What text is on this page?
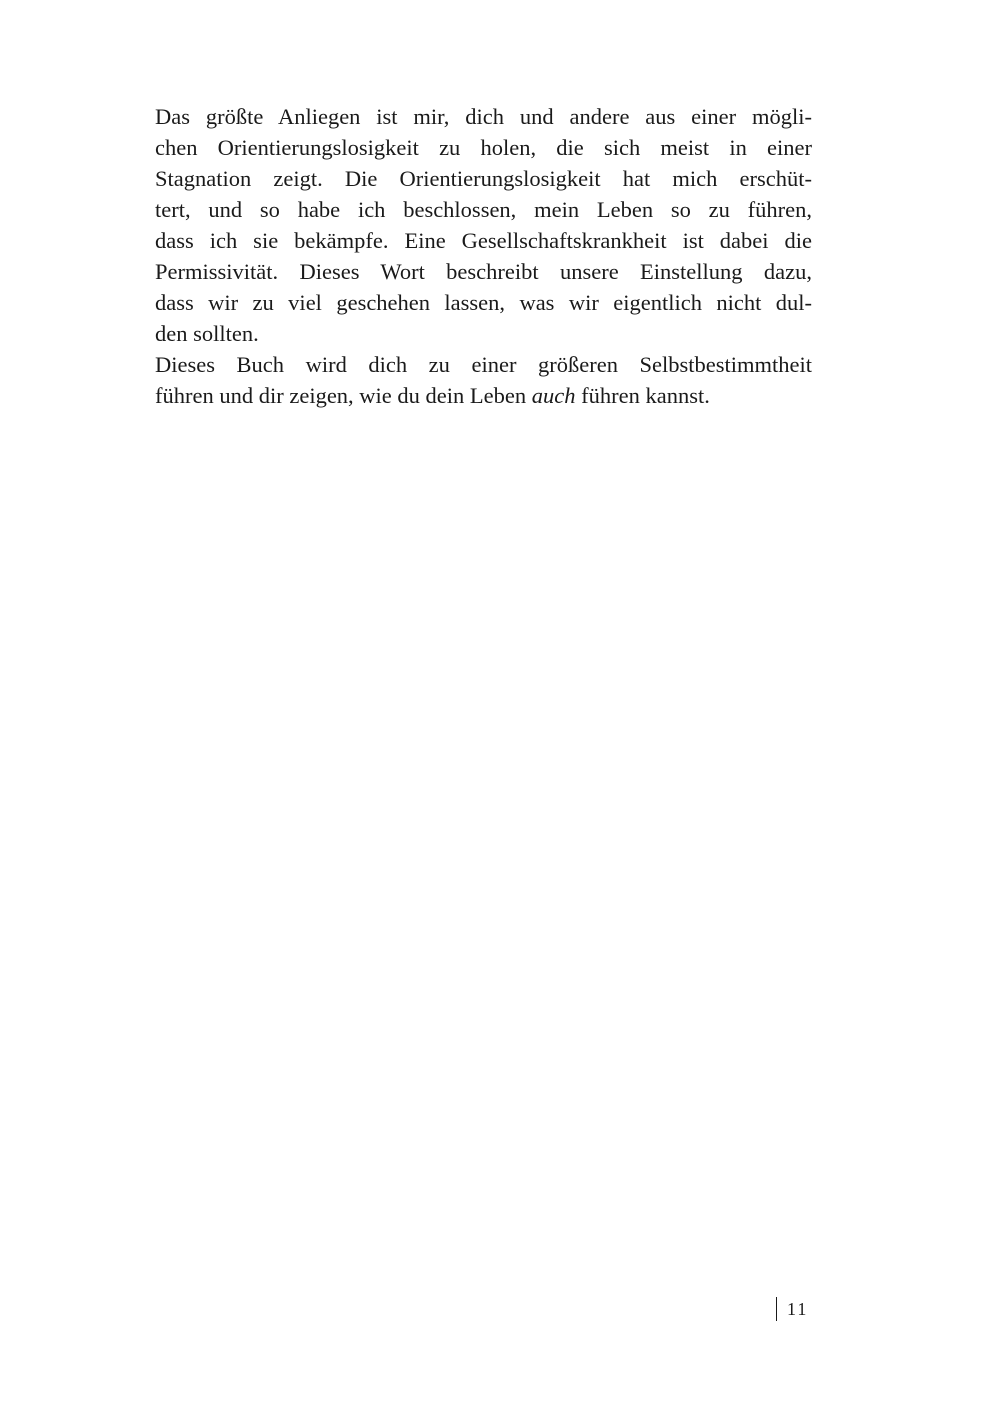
Das größte Anliegen ist mir, dich und andere aus einer mögli-
chen Orientierungslosigkeit zu holen, die sich meist in einer
Stagnation zeigt. Die Orientierungslosigkeit hat mich erschüt-
tert, und so habe ich beschlossen, mein Leben so zu führen,
dass ich sie bekämpfe. Eine Gesellschaftskrankheit ist dabei die
Permissivität. Dieses Wort beschreibt unsere Einstellung dazu,
dass wir zu viel geschehen lassen, was wir eigentlich nicht dul-
den sollten.
Dieses Buch wird dich zu einer größeren Selbstbestimmtheit
führen und dir zeigen, wie du dein Leben auch führen kannst.
11
